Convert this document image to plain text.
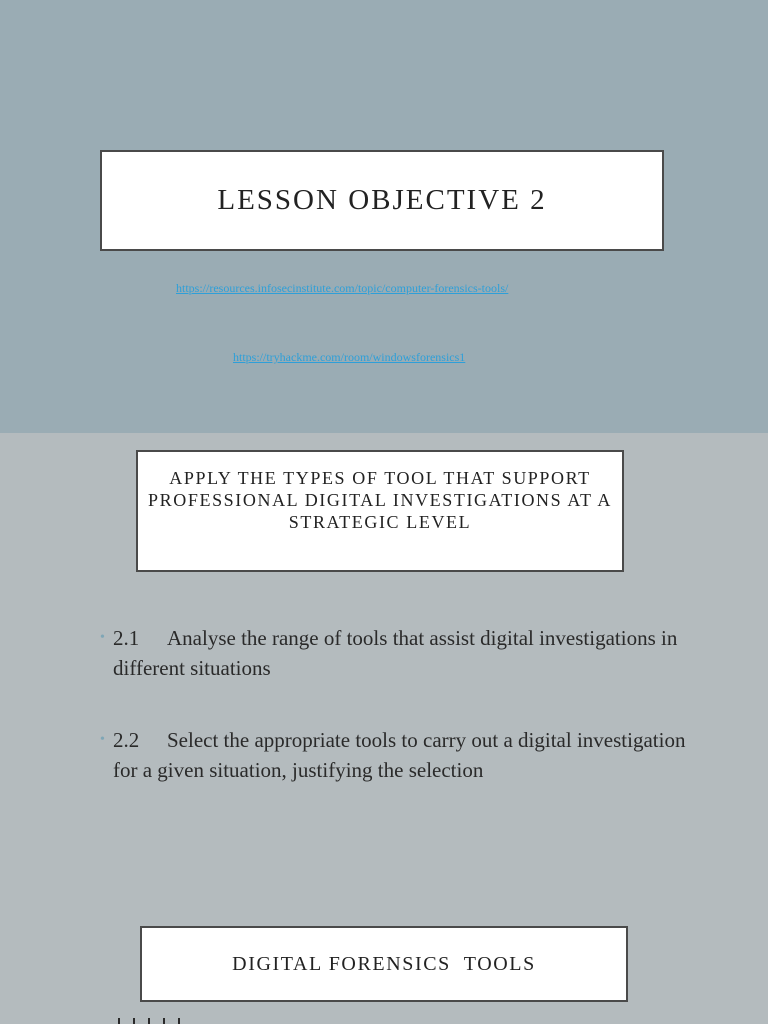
LESSON OBJECTIVE 2
https://resources.infosecinstitute.com/topic/computer-forensics-tools/
https://tryhackme.com/room/windowsforensics1
APPLY THE TYPES OF TOOL THAT SUPPORT PROFESSIONAL DIGITAL INVESTIGATIONS AT A STRATEGIC LEVEL
• 2.1 Analyse the range of tools that assist digital investigations in different situations
• 2.2 Select the appropriate tools to carry out a digital investigation for a given situation, justifying the selection
DIGITAL FORENSICS  TOOLS
